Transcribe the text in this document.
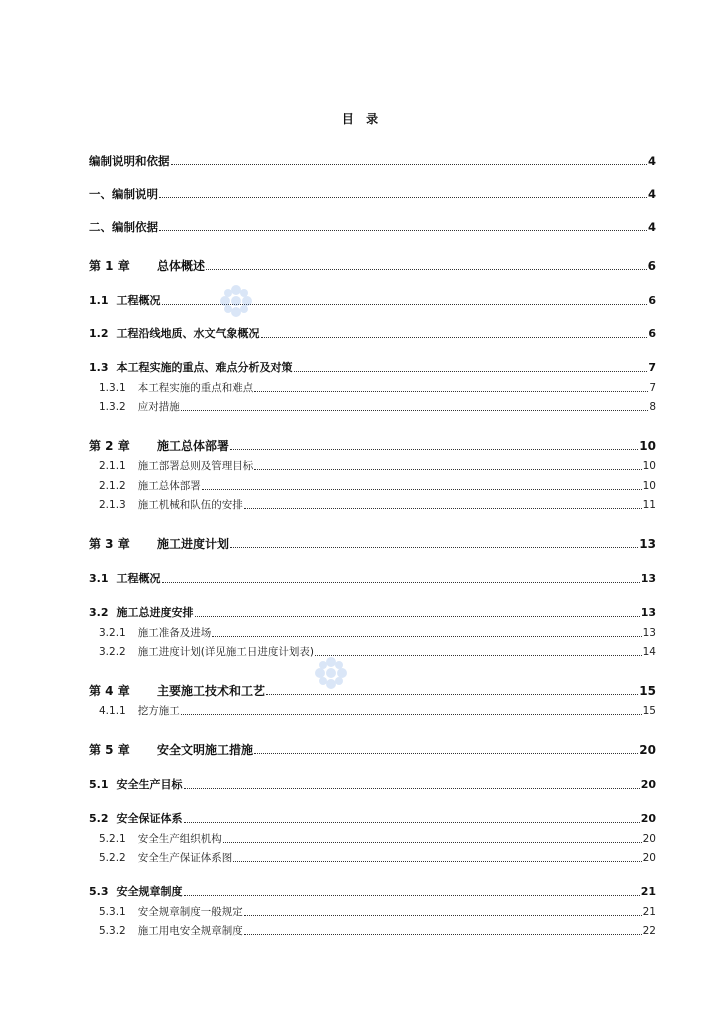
目 录
编制说明和依据	4
一、编制说明	4
二、编制依据	4
第 1 章	总体概述	6
1.1 工程概况	6
1.2 工程沿线地质、水文气象概况	6
1.3 本工程实施的重点、难点分析及对策	7
1.3.1 本工程实施的重点和难点	7
1.3.2 应对措施	8
第 2 章	施工总体部署	10
2.1.1 施工部署总则及管理目标	10
2.1.2 施工总体部署	10
2.1.3 施工机械和队伍的安排	11
第 3 章	施工进度计划	13
3.1 工程概况	13
3.2 施工总进度安排	13
3.2.1 施工准备及进场	13
3.2.2 施工进度计划(详见施工日进度计划表)	14
第 4 章	主要施工技术和工艺	15
4.1.1 挖方施工	15
第 5 章	安全文明施工措施	20
5.1 安全生产目标	20
5.2 安全保证体系	20
5.2.1 安全生产组织机构	20
5.2.2 安全生产保证体系图	20
5.3 安全规章制度	21
5.3.1 安全规章制度一般规定	21
5.3.2 施工用电安全规章制度	22
